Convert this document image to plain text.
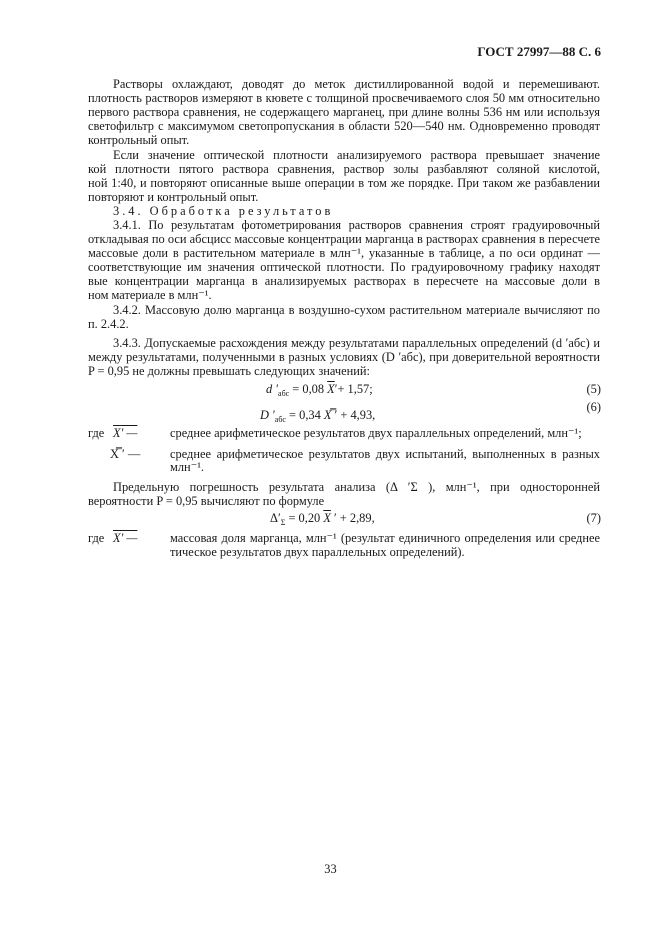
ГОСТ 27997—88 С. 6
Растворы охлаждают, доводят до меток дистиллированной водой и перемешивают.
плотность растворов измеряют в кювете с толщиной просвечиваемого слоя 50 мм относительно
первого раствора сравнения, не содержащего марганец, при длине волны 536 нм или используя
светофильтр с максимумом светопропускания в области 520—540 нм. Одновременно проводят
контрольный опыт.
Если значение оптической плотности анализируемого раствора превышает значение
кой плотности пятого раствора сравнения, раствор золы разбавляют соляной кислотой,
ной 1:40, и повторяют описанные выше операции в том же порядке. При таком же разбавлении
повторяют и контрольный опыт.
3.4. Обработка результатов
3.4.1. По результатам фотометрирования растворов сравнения строят градуировочный
откладывая по оси абсцисс массовые концентрации марганца в растворах сравнения в пересчете
массовые доли в растительном материале в млн⁻¹, указанные в таблице, а по оси ординат —
соответствующие им значения оптической плотности. По градуировочному графику находят
вые концентрации марганца в анализируемых растворах в пересчете на массовые доли в
ном материале в млн⁻¹.
3.4.2. Массовую долю марганца в воздушно-сухом растительном материале вычисляют по
п. 2.4.2.
3.4.3. Допускаемые расхождения между результатами параллельных определений (d ′абс) и
между результатами, полученными в разных условиях (D ′абс), при доверительной вероятности
P = 0,95 не должны превышать следующих значений:
d $'_{абс} = 0,08$ $\overline{X}'+ 1,57$;	(5)
D $'_{абс} = 0,34$ X̿ ′ + 4,93,
(6)
где X′ —	среднее арифметическое результатов двух параллельных определений, млн⁻¹;
X̿ ′ — среднее арифметическое результатов двух испытаний, выполненных в разных
млн⁻¹.
Предельную погрешность результата анализа (Δ ′Σ ), млн⁻¹, при односторонней
вероятности P = 0,95 вычисляют по формуле
$\Delta'_\Sigma = 0,20$ $\overline{X}$ ′ + 2,89,	(7)
где X′ —	массовая доля марганца, млн⁻¹ (результат единичного определения или среднее
тическое результатов двух параллельных определений).
33
